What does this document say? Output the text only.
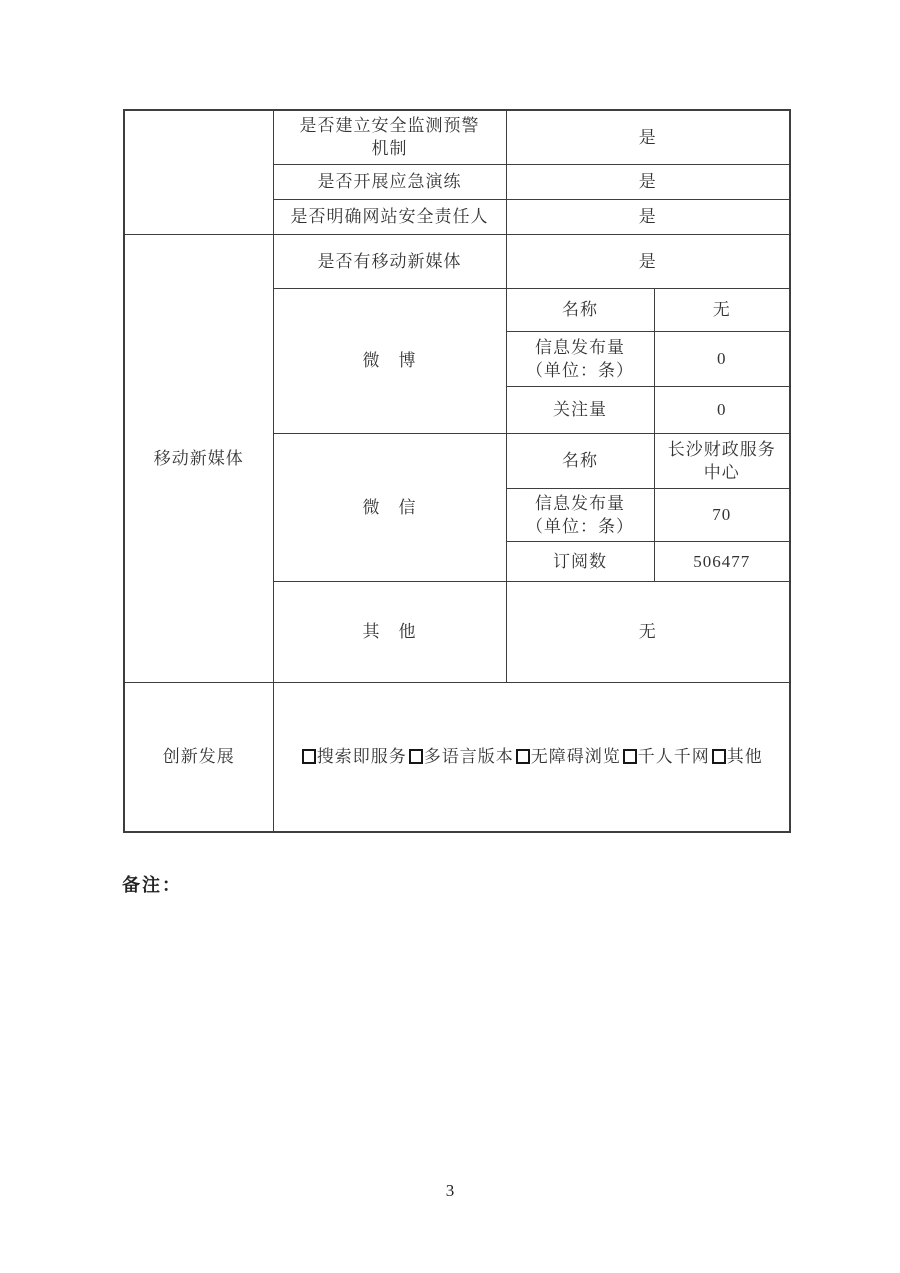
	是否建立安全监测预警
机制	是	

	是否开展应急演练	是	

	是否明确网站安全责任人	是	
移动新媒体	是否有移动新媒体	是	
	微　博	名称	无

		信息发布量
（单位：条）	0

		关注量	0

	微　信	名称	长沙财政服务
中心

		信息发布量
（单位：条）	70

		订阅数	506477

	其　他	无	
创新发展	搜索即服务 多语言版本 无障碍浏览 千人千网 其他		
备注：
3
